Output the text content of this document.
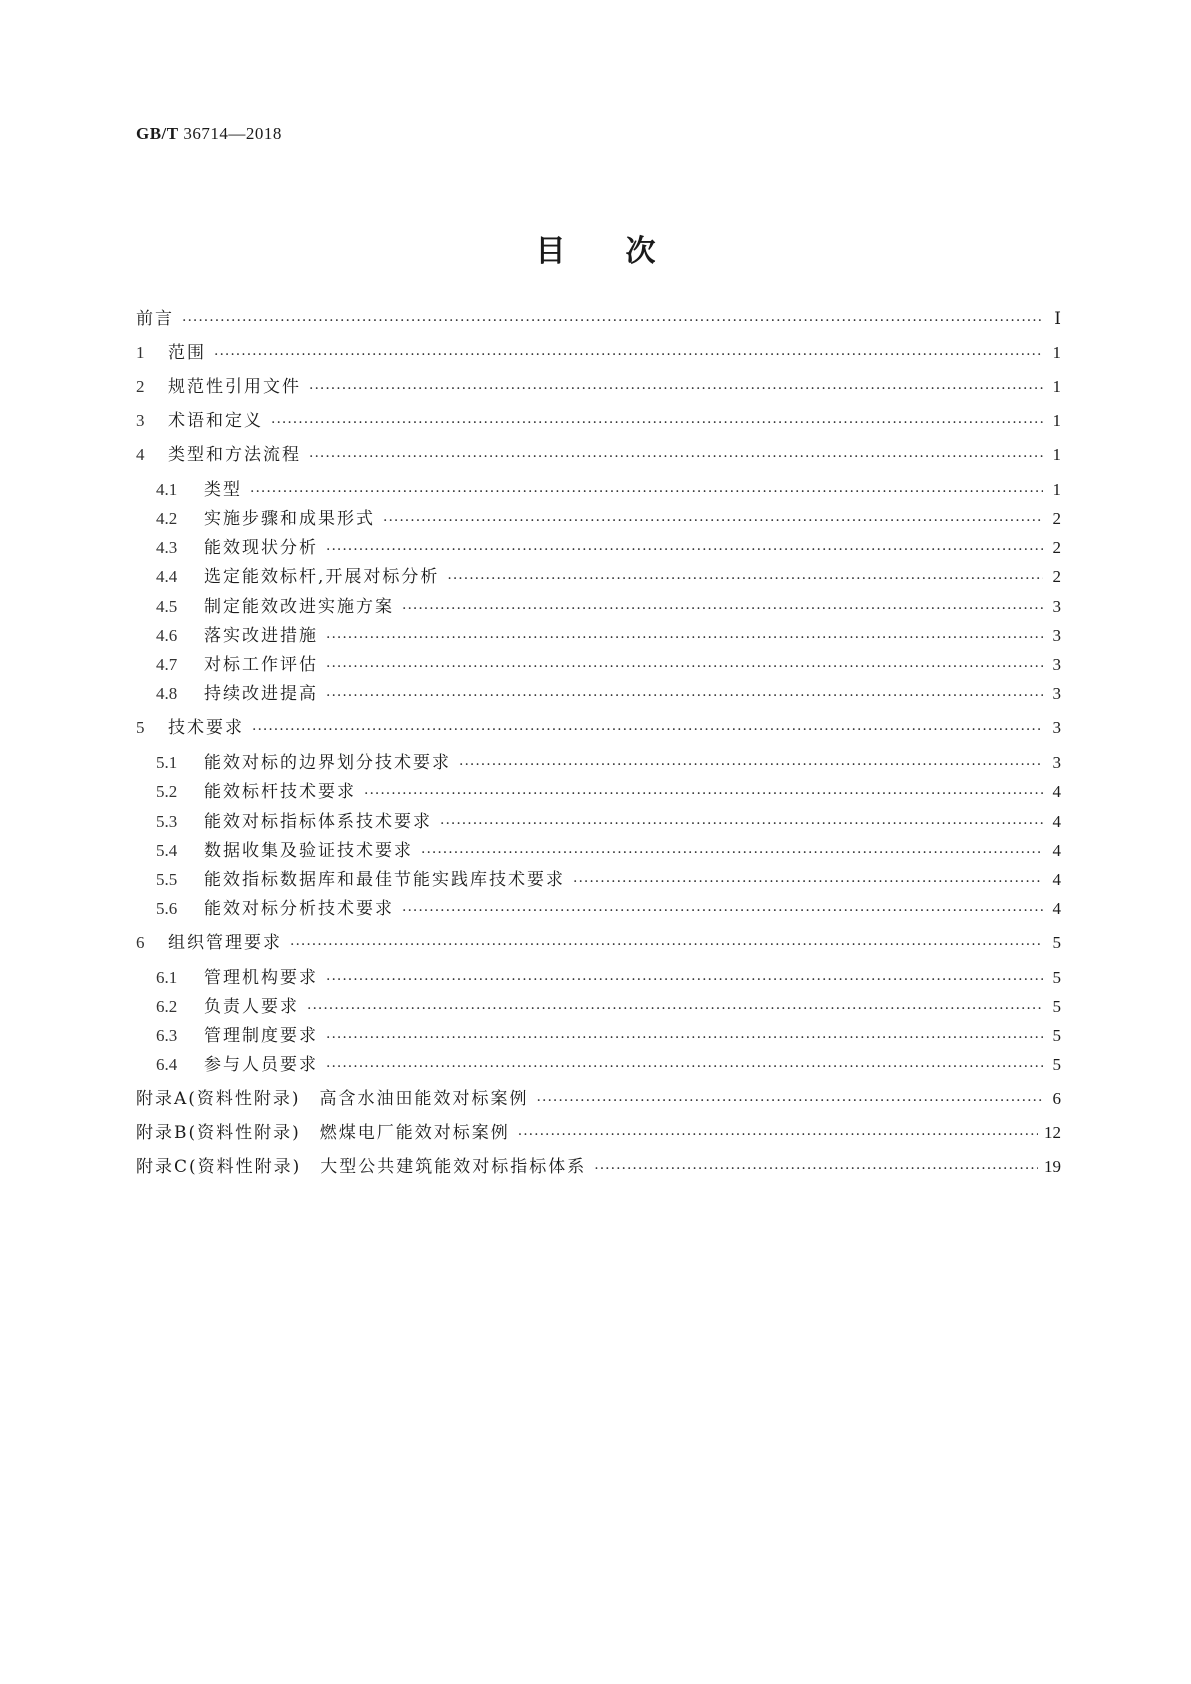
GB/T 36714—2018
目次
前言 ·····	Ⅰ
1	范围 ·····	1
2	规范性引用文件 ·····	1
3	术语和定义 ·····	1
4	类型和方法流程 ·····	1
4.1	类型 ·····	1
4.2	实施步骤和成果形式 ·····	2
4.3	能效现状分析 ·····	2
4.4	选定能效标杆,开展对标分析 ·····	2
4.5	制定能效改进实施方案 ·····	3
4.6	落实改进措施 ·····	3
4.7	对标工作评估 ·····	3
4.8	持续改进提高 ·····	3
5	技术要求 ·····	3
5.1	能效对标的边界划分技术要求 ·····	3
5.2	能效标杆技术要求 ·····	4
5.3	能效对标指标体系技术要求 ·····	4
5.4	数据收集及验证技术要求 ·····	4
5.5	能效指标数据库和最佳节能实践库技术要求 ·····	4
5.6	能效对标分析技术要求 ·····	4
6	组织管理要求 ·····	5
6.1	管理机构要求 ·····	5
6.2	负责人要求 ·····	5
6.3	管理制度要求 ·····	5
6.4	参与人员要求 ·····	5
附录A(资料性附录)　高含水油田能效对标案例 ·····	6
附录B(资料性附录)　燃煤电厂能效对标案例 ·····	12
附录C(资料性附录)　大型公共建筑能效对标指标体系 ·····	19
